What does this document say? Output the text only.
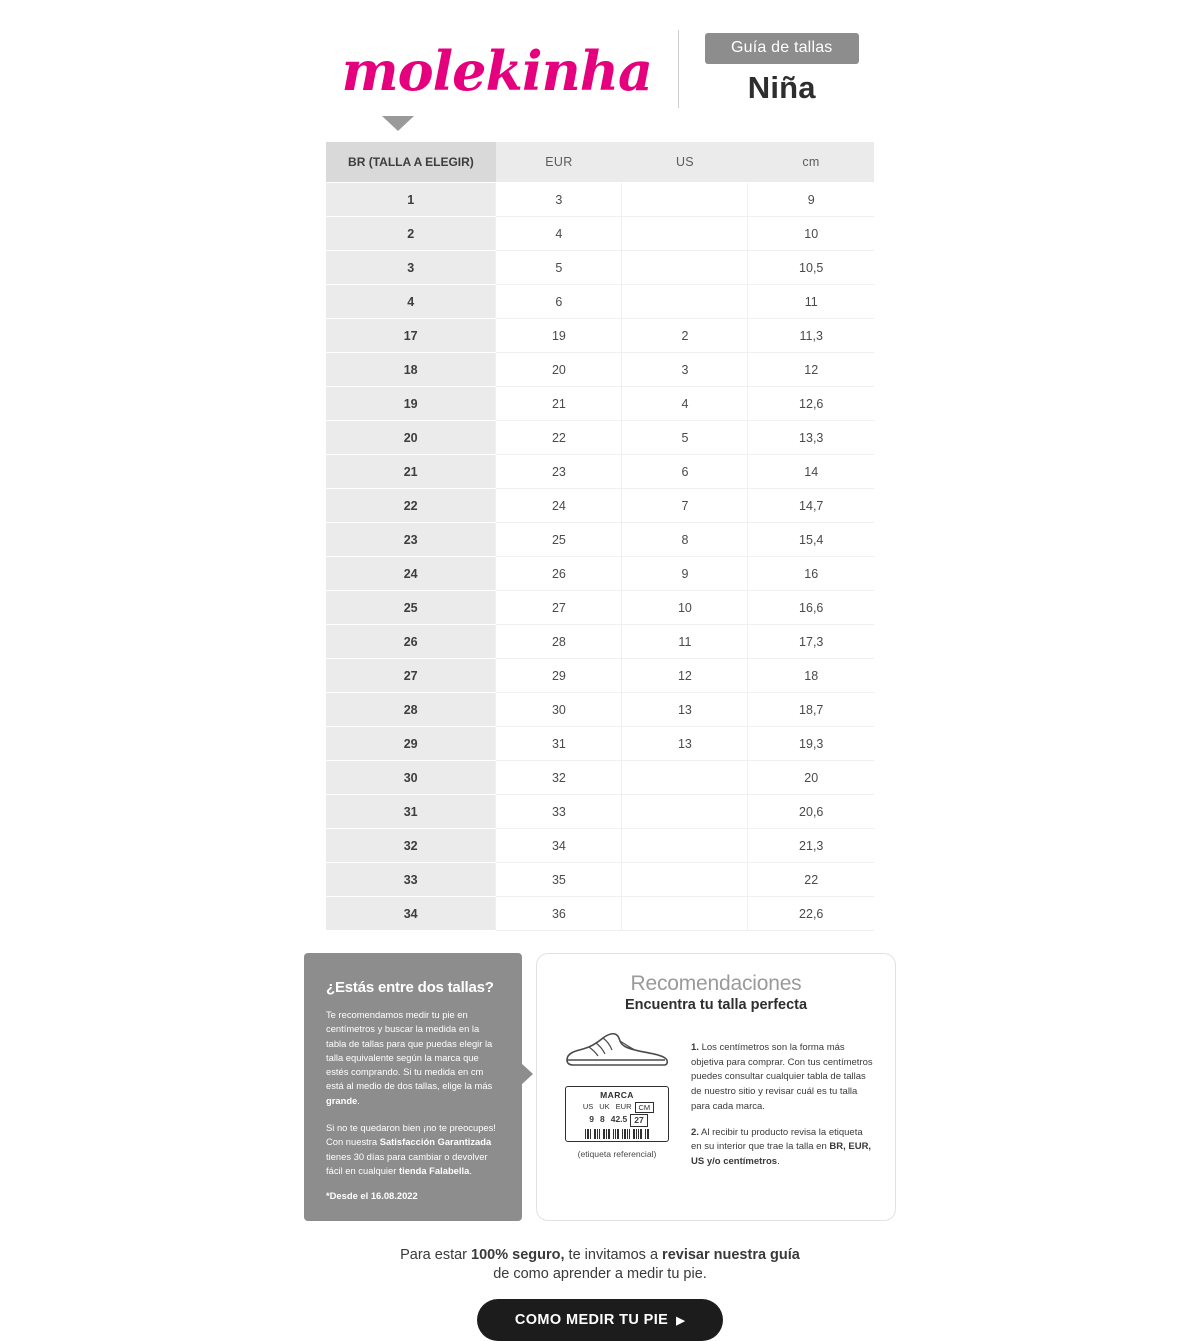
molekinha	Guía de tallas
Niña
BR (TALLA A ELEGIR)	EUR	US	cm
1	3		9
2	4		10
3	5		10,5
4	6		11
17	19	2	11,3
18	20	3	12
19	21	4	12,6
20	22	5	13,3
21	23	6	14
22	24	7	14,7
23	25	8	15,4
24	26	9	16
25	27	10	16,6
26	28	11	17,3
27	29	12	18
28	30	13	18,7
29	31	13	19,3
30	32		20
31	33		20,6
32	34		21,3
33	35		22
34	36		22,6
¿Estás entre dos tallas?

Te recomendamos medir tu pie en centímetros y buscar la medida en la tabla de tallas para que puedas elegir la talla equivalente según la marca que estés comprando. Si tu medida en cm está al medio de dos tallas, elige la más grande.

Si no te quedaron bien ¡no te preocupes! Con nuestra Satisfacción Garantizada tienes 30 días para cambiar o devolver fácil en cualquier tienda Falabella.

*Desde el 16.08.2022
Recomendaciones
Encuentra tu talla perfecta
MARCA
US UK EUR CM
9 8 42.5 27
(etiqueta referencial)

1. Los centímetros son la forma más objetiva para comprar. Con tus centímetros puedes consultar cualquier tabla de tallas de nuestro sitio y revisar cuál es tu talla para cada marca.

2. Al recibir tu producto revisa la etiqueta en su interior que trae la talla en BR, EUR, US y/o centímetros.

Para estar 100% seguro, te invitamos a revisar nuestra guía
de como aprender a medir tu pie.
COMO MEDIR TU PIE ▶
